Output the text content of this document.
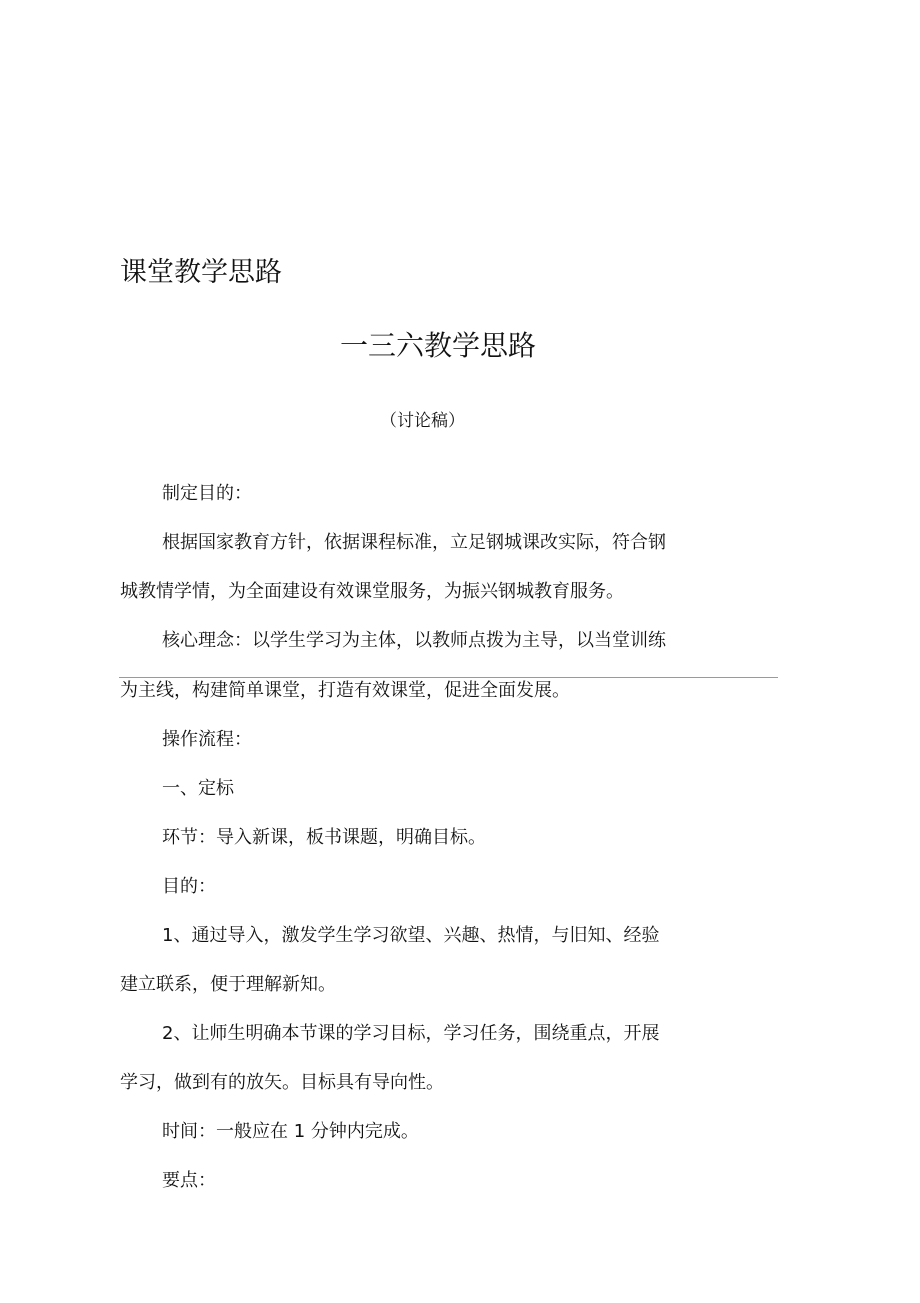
课堂教学思路
一三六教学思路
（讨论稿）
制定目的：
根据国家教育方针，依据课程标准，立足钢城课改实际，符合钢
城教情学情，为全面建设有效课堂服务，为振兴钢城教育服务。
核心理念：以学生学习为主体，以教师点拨为主导，以当堂训练
为主线，构建简单课堂，打造有效课堂，促进全面发展。
操作流程：
一、定标
环节：导入新课，板书课题，明确目标。
目的：
1、通过导入，激发学生学习欲望、兴趣、热情，与旧知、经验
建立联系，便于理解新知。
2、让师生明确本节课的学习目标，学习任务，围绕重点，开展
学习，做到有的放矢。目标具有导向性。
时间：一般应在 1 分钟内完成。
要点：
